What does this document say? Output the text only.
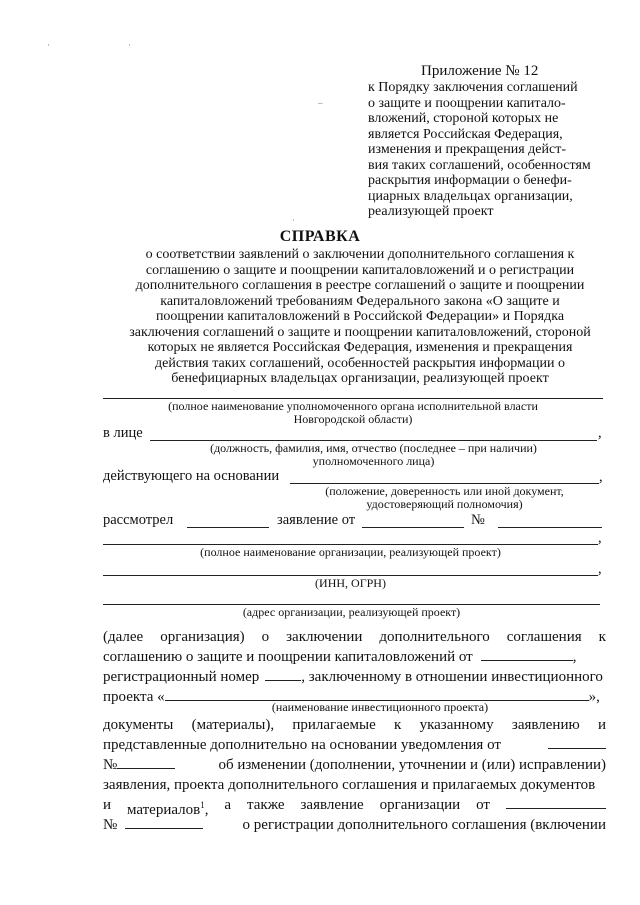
Приложение № 12
к Порядку заключения соглашений
о защите и поощрении капитало-
вложений, стороной которых не
является Российская Федерация,
изменения и прекращения дейст-
вия таких соглашений, особенностям
раскрытия информации о бенефи-
циарных владельцах организации,
реализующей проект
·	·
‒
·
СПРАВКА
о соответствии заявлений о заключении дополнительного соглашения к
соглашению о защите и поощрении капиталовложений и о регистрации
дополнительного соглашения в реестре соглашений о защите и поощрении
капиталовложений требованиям Федерального закона «О защите и
поощрении капиталовложений в Российской Федерации» и Порядка
заключения соглашений о защите и поощрении капиталовложений, стороной
которых не является Российская Федерация, изменения и прекращения
действия таких соглашений, особенностей раскрытия информации о
бенефициарных владельцах организации, реализующей проект
(полное наименование уполномоченного органа исполнительной власти
Новгородской области)
в лице	,
(должность, фамилия, имя, отчество (последнее – при наличии)
уполномоченного лица)
действующего на основании	,
(положение, доверенность или иной документ,
удостоверяющий полномочия)
рассмотрел	заявление от	№
,
(полное наименование организации, реализующей проект)
,
(ИНН, ОГРН)
(адрес организации, реализующей проект)
(далее организация) о заключении дополнительного соглашения к
соглашению о защите и поощрении капиталовложений от	,
регистрационный номер	, заключенному в отношении инвестиционного
проекта «	»,
(наименование инвестиционного проекта)
документы (материалы), прилагаемые к указанному заявлению и
представленные дополнительно на основании уведомления от
№	об изменении (дополнении, уточнении и (или) исправлении)
заявления, проекта дополнительного соглашения и прилагаемых документов
и материалов$^1$, а также заявление организации от
№	о регистрации дополнительного соглашения (включении
